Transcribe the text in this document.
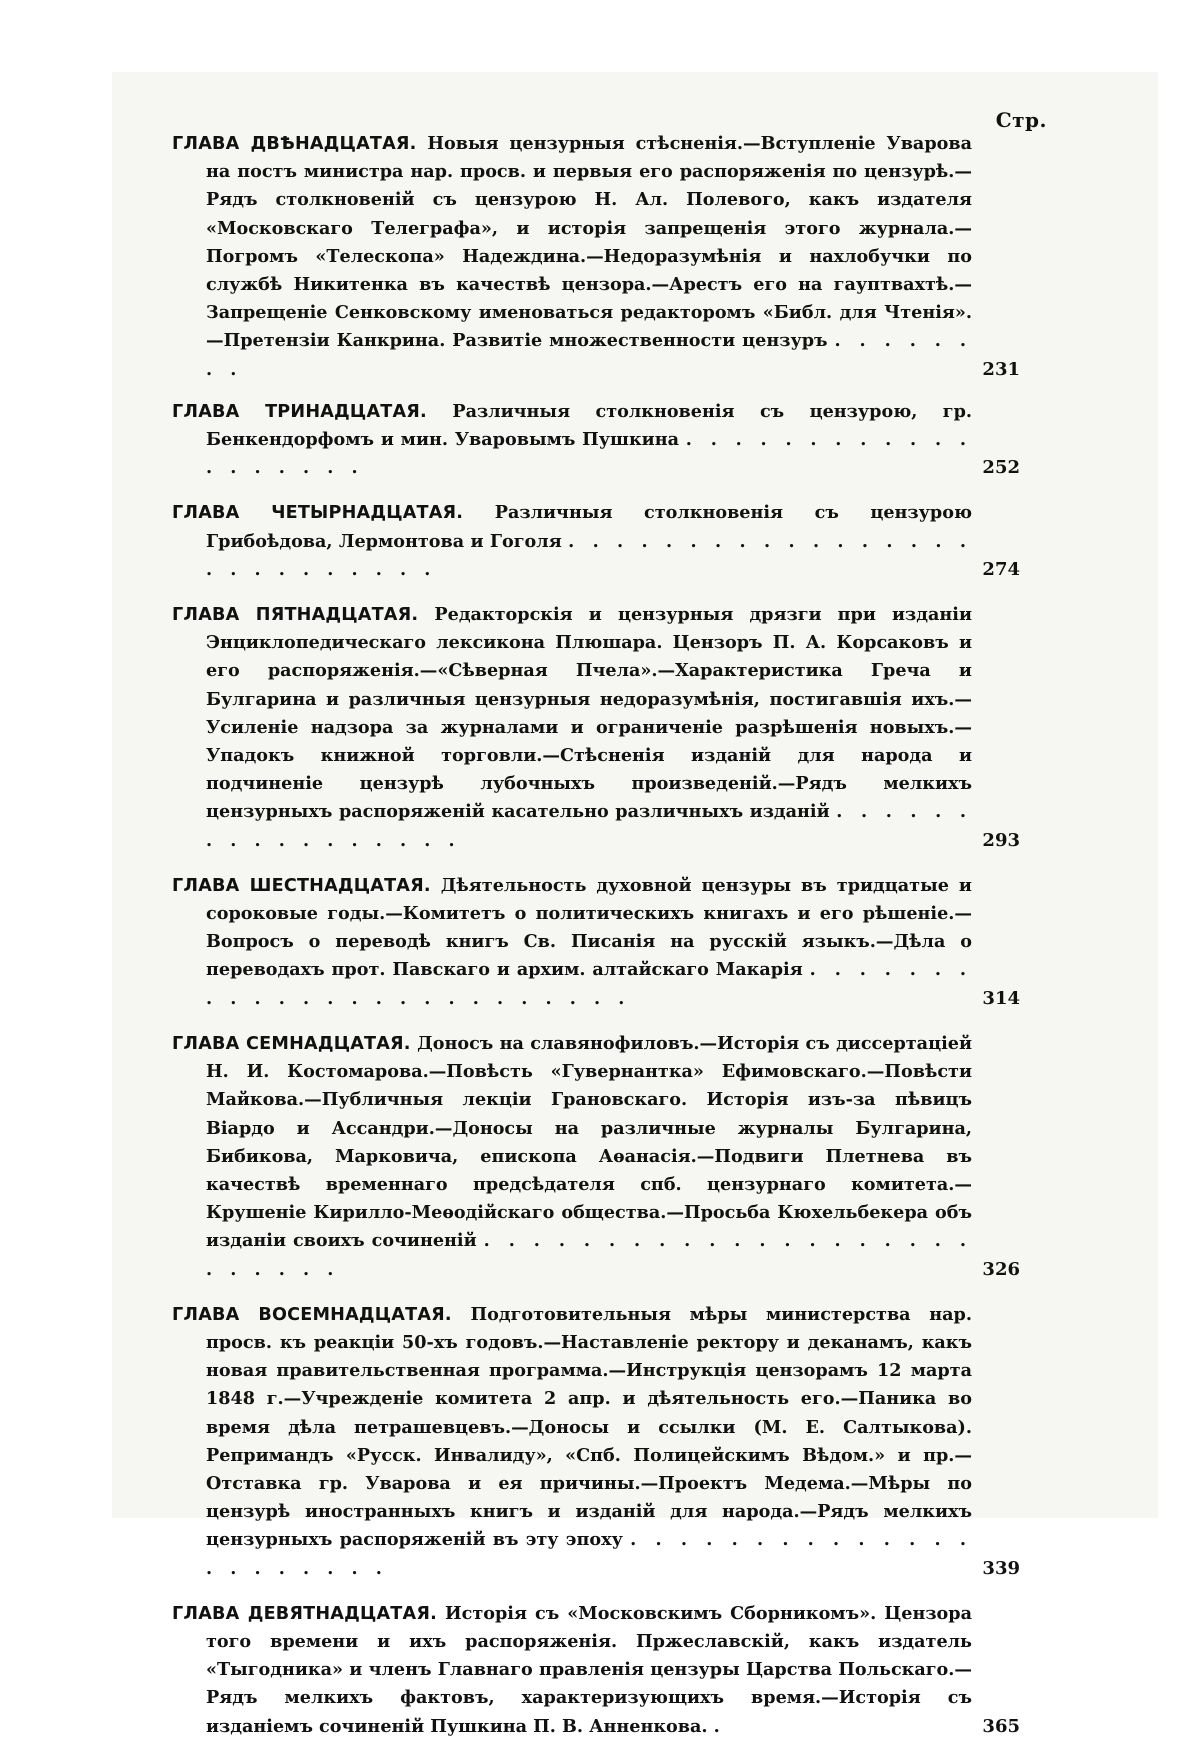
Стр.
ГЛАВА ДВѢНАДЦАТАЯ. Новыя цензурныя стѣсненія.—Вступленіе Уварова на постъ министра нар. просв. и первыя его распоряженія по цензурѣ.—Рядъ столкновеній съ цензурою Н. Ал. Полевого, какъ издателя «Московскаго Телеграфа», и исторія запрещенія этого журнала.—Погромъ «Телескопа» Надеждина.—Недоразумѣнія и нахлобучки по службѣ Никитенка въ качествѣ цензора.—Арестъ его на гауптвахтѣ.—Запрещеніе Сенковскому именоваться редакторомъ «Библ. для Чтенія».—Претензіи Канкрина. Развитіе множественности цензуръ . . . . . . . .	231
ГЛАВА ТРИНАДЦАТАЯ. Различныя столкновенія съ цензурою, гр. Бенкендорфомъ и мин. Уваровымъ Пушкина . . . . . . . . . . . . . . . . . . .	252
ГЛАВА ЧЕТЫРНАДЦАТАЯ. Различныя столкновенія съ цензурою Грибоѣдова, Лермонтова и Гоголя . . . . . . . . . . . . . . . . . . . . . . . . . . .	274
ГЛАВА ПЯТНАДЦАТАЯ. Редакторскія и цензурныя дрязги при изданіи Энциклопедическаго лексикона Плюшара. Цензоръ П. А. Корсаковъ и его распоряженія.—«Сѣверная Пчела».—Характеристика Греча и Булгарина и различныя цензурныя недоразумѣнія, постигавшія ихъ.—Усиленіе надзора за журналами и ограниченіе разрѣшенія новыхъ.—Упадокъ книжной торговли.—Стѣсненія изданій для народа и подчиненіе цензурѣ лубочныхъ произведеній.—Рядъ мелкихъ цензурныхъ распоряженій касательно различныхъ изданій . . . . . . . . . . . . . . . . .	293
ГЛАВА ШЕСТНАДЦАТАЯ. Дѣятельность духовной цензуры въ тридцатые и сороковые годы.—Комитетъ о политическихъ книгахъ и его рѣшеніе.—Вопросъ о переводѣ книгъ Св. Писанія на русскій языкъ.—Дѣла о переводахъ прот. Павскаго и архим. алтайскаго Макарія . . . . . . . . . . . . . . . . . . . . . . . . .	314
ГЛАВА СЕМНАДЦАТАЯ. Доносъ на славянофиловъ.—Исторія съ диссертаціей Н. И. Костомарова.—Повѣсть «Гувернантка» Ефимовскаго.—Повѣсти Майкова.—Публичныя лекціи Грановскаго. Исторія изъ-за пѣвицъ Віардо и Ассандри.—Доносы на различные журналы Булгарина, Бибикова, Марковича, епископа Аѳанасія.—Подвиги Плетнева въ качествѣ временнаго предсѣдателя спб. цензурнаго комитета.—Крушеніе Кирилло-Меѳодійскаго общества.—Просьба Кюхельбекера объ изданіи своихъ сочиненій . . . . . . . . . . . . . . . . . . . . . . . . . .	326
ГЛАВА ВОСЕМНАДЦАТАЯ. Подготовительныя мѣры министерства нар. просв. къ реакціи 50-хъ годовъ.—Наставленіе ректору и деканамъ, какъ новая правительственная программа.—Инструкція цензорамъ 12 марта 1848 г.—Учрежденіе комитета 2 апр. и дѣятельность его.—Паника во время дѣла петрашевцевъ.—Доносы и ссылки (М. Е. Салтыкова). Репримандъ «Русск. Инвалиду», «Спб. Полицейскимъ Вѣдом.» и пр.—Отставка гр. Уварова и ея причины.—Проектъ Медема.—Мѣры по цензурѣ иностранныхъ книгъ и изданій для народа.—Рядъ мелкихъ цензурныхъ распоряженій въ эту эпоху . . . . . . . . . . . . . . . . . . . . . .	339
ГЛАВА ДЕВЯТНАДЦАТАЯ. Исторія съ «Московскимъ Сборникомъ». Цензора того времени и ихъ распоряженія. Пржеславскій, какъ издатель «Тыгодника» и членъ Главнаго правленія цензуры Царства Польскаго.—Рядъ мелкихъ фактовъ, характеризующихъ время.—Исторія съ изданіемъ сочиненій Пушкина П. В. Анненкова. .	365
